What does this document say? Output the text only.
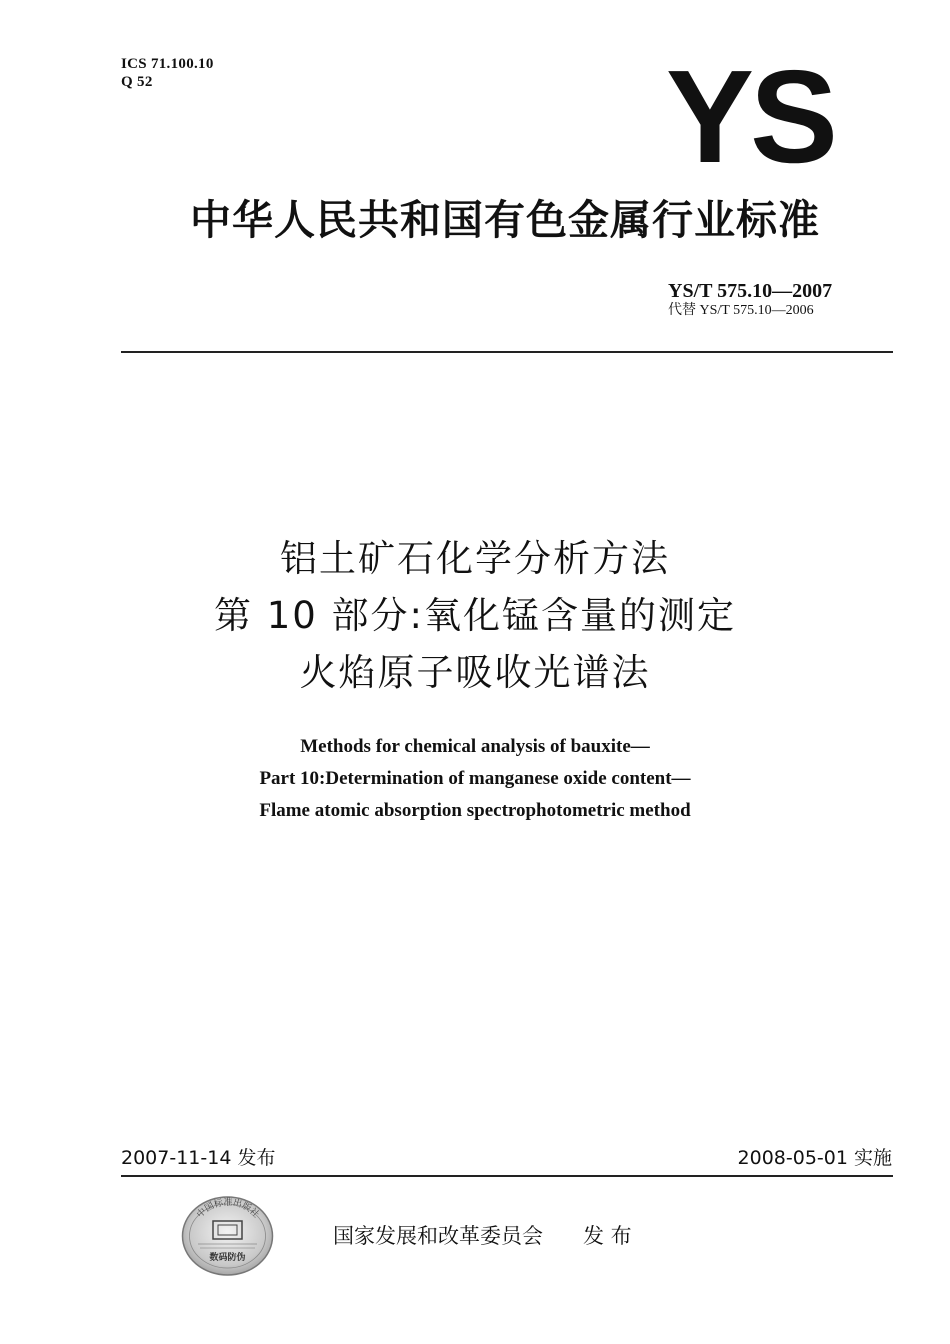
ICS 71.100.10
Q 52	YS
中华人民共和国有色金属行业标准
YS/T 575.10—2007
代替 YS/T 575.10—2006
铝土矿石化学分析方法
第 10 部分:氧化锰含量的测定
火焰原子吸收光谱法
Methods for chemical analysis of bauxite—
Part 10:Determination of manganese oxide content—
Flame atomic absorption spectrophotometric method
2007-11-14 发布	2008-05-01 实施
中国标准出版社
数码防伪
国家发展和改革委员会 发 布
